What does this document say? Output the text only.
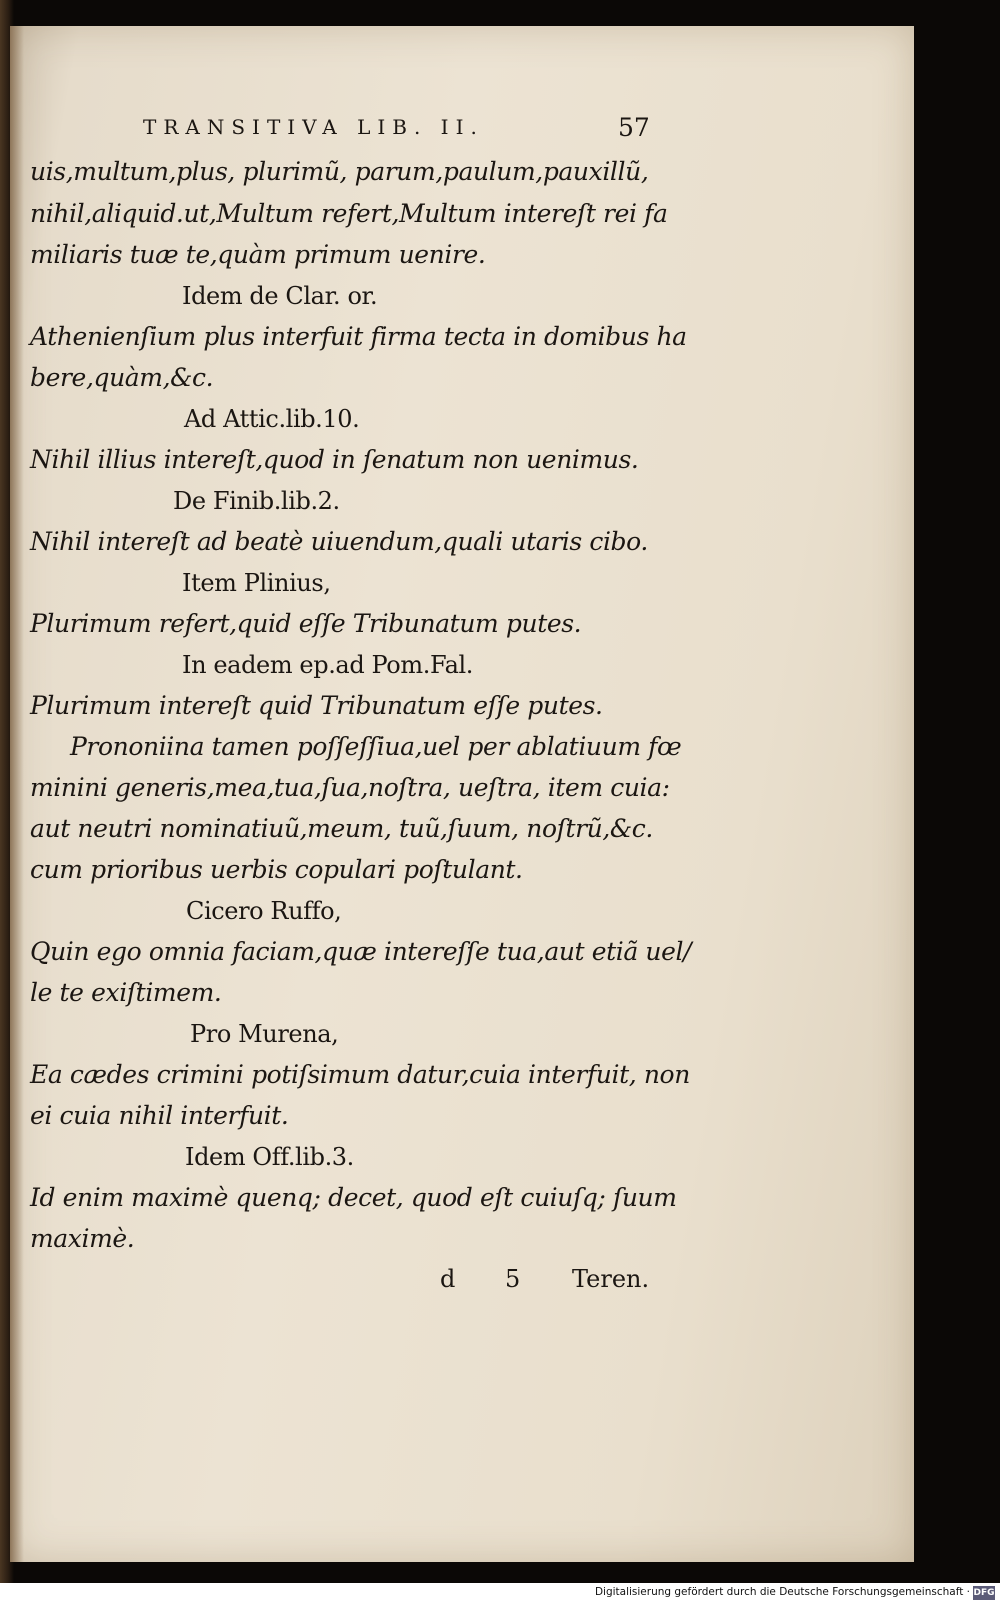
TRANSITIVA LIB. II.	57
uis,multum,plus, plurimũ, parum,paulum,pauxillũ,
nihil,aliquid.ut,Multum refert,Multum intereſt rei fa
miliaris tuæ te,quàm primum uenire.
Idem de Clar. or.
Athenienſium plus interfuit firma tecta in domibus ha
bere,quàm,&c.
Ad Attic.lib.10.
Nihil illius intereſt,quod in ſenatum non uenimus.
De Finib.lib.2.
Nihil intereſt ad beatè uiuendum,quali utaris cibo.
Item Plinius,
Plurimum refert,quid eſſe Tribunatum putes.
In eadem ep.ad Pom.Fal.
Plurimum intereſt quid Tribunatum eſſe putes.
Prononiina tamen poſſeſſiua,uel per ablatiuum fœ
minini generis,mea,tua,ſua,noſtra, ueſtra, item cuia:
aut neutri nominatiuũ,meum, tuũ,ſuum, noſtrũ,&c.
cum prioribus uerbis copulari poſtulant.
Cicero Ruffo,
Quin ego omnia faciam,quæ intereſſe tua,aut etiã uel/
le te exiſtimem.
Pro Murena,
Ea cædes crimini potiſsimum datur,cuia interfuit, non
ei cuia nihil interfuit.
Idem Off.lib.3.
Id enim maximè quenq; decet, quod eſt cuiuſq; ſuum
maximè.
d 5 Teren.
Digitalisierung gefördert durch die Deutsche Forschungsgemeinschaft · DFG
